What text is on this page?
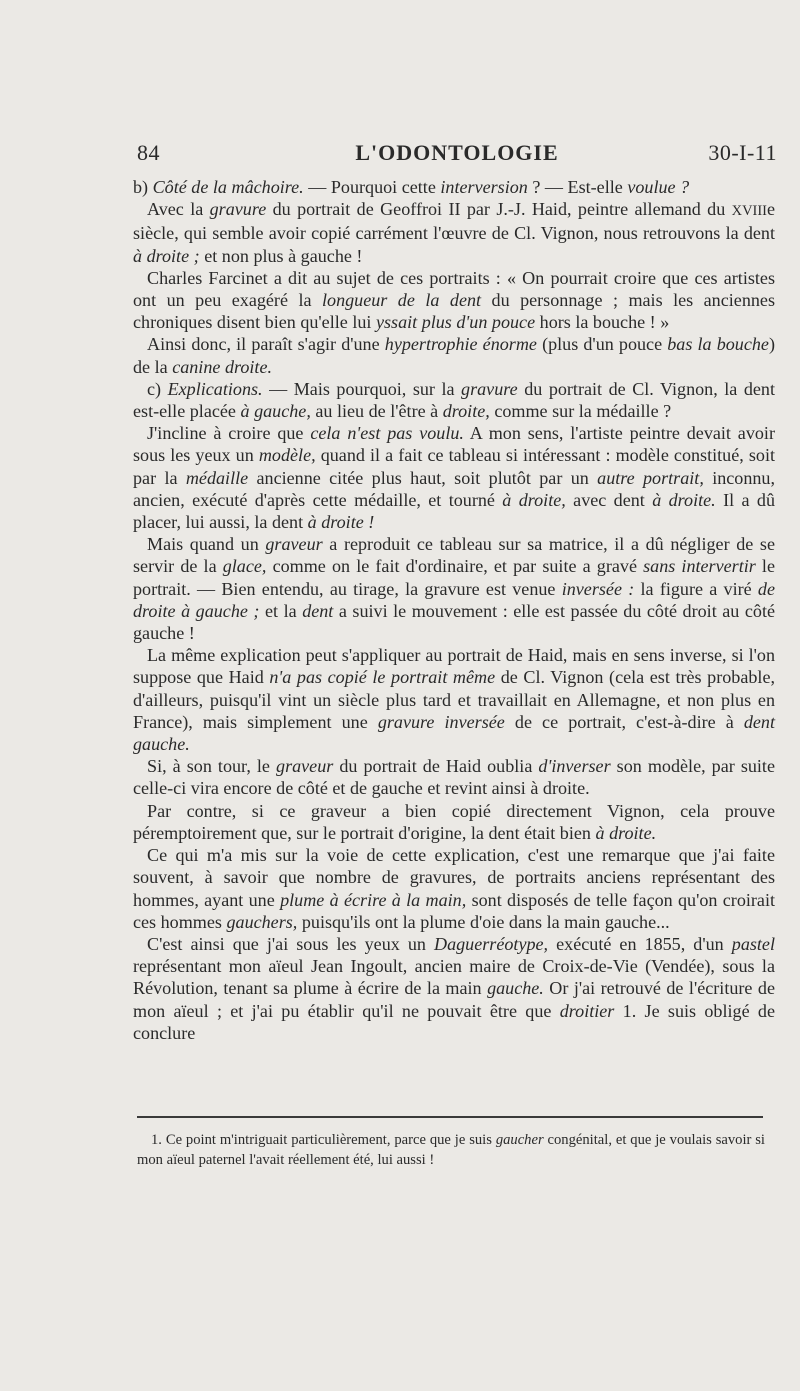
84	L'ODONTOLOGIE	30-I-11

b) Côté de la mâchoire. — Pourquoi cette interversion ? — Est-elle voulue ?

Avec la gravure du portrait de Geoffroi II par J.-J. Haid, peintre allemand du XVIIIe siècle, qui semble avoir copié carrément l'œuvre de Cl. Vignon, nous retrouvons la dent à droite ; et non plus à gauche !

Charles Farcinet a dit au sujet de ces portraits : « On pourrait croire que ces artistes ont un peu exagéré la longueur de la dent du personnage ; mais les anciennes chroniques disent bien qu'elle lui yssait plus d'un pouce hors la bouche ! »

Ainsi donc, il paraît s'agir d'une hypertrophie énorme (plus d'un pouce bas la bouche) de la canine droite.

c) Explications. — Mais pourquoi, sur la gravure du portrait de Cl. Vignon, la dent est-elle placée à gauche, au lieu de l'être à droite, comme sur la médaille ?

J'incline à croire que cela n'est pas voulu. A mon sens, l'artiste peintre devait avoir sous les yeux un modèle, quand il a fait ce tableau si intéressant : modèle constitué, soit par la médaille ancienne citée plus haut, soit plutôt par un autre portrait, inconnu, ancien, exécuté d'après cette médaille, et tourné à droite, avec dent à droite. Il a dû placer, lui aussi, la dent à droite !

Mais quand un graveur a reproduit ce tableau sur sa matrice, il a dû négliger de se servir de la glace, comme on le fait d'ordinaire, et par suite a gravé sans intervertir le portrait. — Bien entendu, au tirage, la gravure est venue inversée : la figure a viré de droite à gauche ; et la dent a suivi le mouvement : elle est passée du côté droit au côté gauche !

La même explication peut s'appliquer au portrait de Haid, mais en sens inverse, si l'on suppose que Haid n'a pas copié le portrait même de Cl. Vignon (cela est très probable, d'ailleurs, puisqu'il vint un siècle plus tard et travaillait en Allemagne, et non plus en France), mais simplement une gravure inversée de ce portrait, c'est-à-dire à dent gauche.

Si, à son tour, le graveur du portrait de Haid oublia d'inverser son modèle, par suite celle-ci vira encore de côté et de gauche et revint ainsi à droite.

Par contre, si ce graveur a bien copié directement Vignon, cela prouve péremptoirement que, sur le portrait d'origine, la dent était bien à droite.

Ce qui m'a mis sur la voie de cette explication, c'est une remarque que j'ai faite souvent, à savoir que nombre de gravures, de portraits anciens représentant des hommes, ayant une plume à écrire à la main, sont disposés de telle façon qu'on croirait ces hommes gauchers, puisqu'ils ont la plume d'oie dans la main gauche...

C'est ainsi que j'ai sous les yeux un Daguerréotype, exécuté en 1855, d'un pastel représentant mon aïeul Jean Ingoult, ancien maire de Croix-de-Vie (Vendée), sous la Révolution, tenant sa plume à écrire de la main gauche. Or j'ai retrouvé de l'écriture de mon aïeul ; et j'ai pu établir qu'il ne pouvait être que droitier 1. Je suis obligé de conclure

1. Ce point m'intriguait particulièrement, parce que je suis gaucher congénital, et que je voulais savoir si mon aïeul paternel l'avait réellement été, lui aussi !
